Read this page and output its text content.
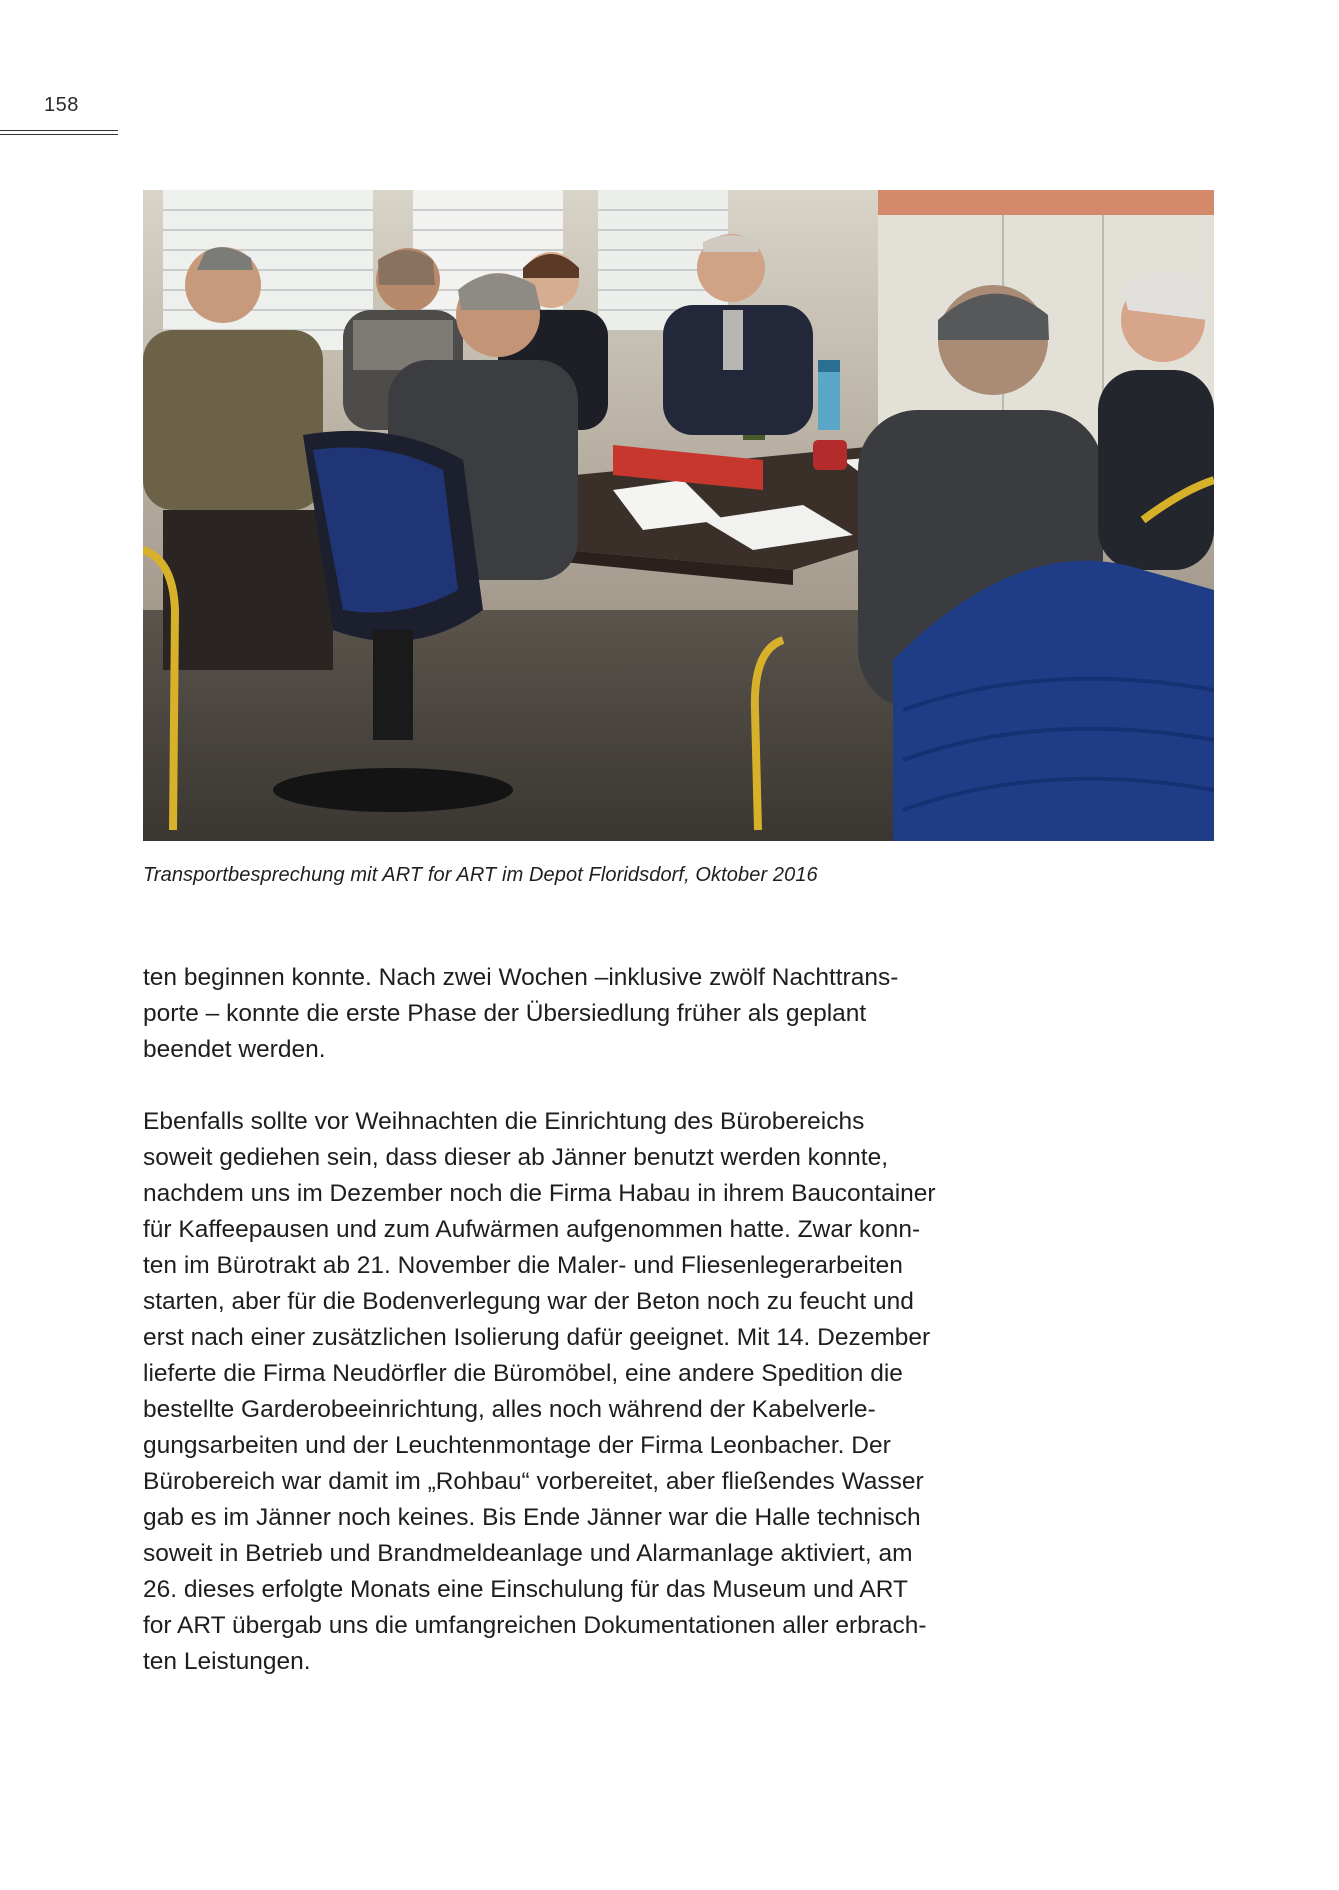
158
Transportbesprechung mit ART for ART im Depot Floridsdorf, Oktober 2016

ten beginnen konnte. Nach zwei Wochen –inklusive zwölf Nachttrans-
porte – konnte die erste Phase der Übersiedlung früher als geplant
beendet werden.

Ebenfalls sollte vor Weihnachten die Einrichtung des Bürobereichs
soweit gediehen sein, dass dieser ab Jänner benutzt werden konnte,
nachdem uns im Dezember noch die Firma Habau in ihrem Baucontainer
für Kaffeepausen und zum Aufwärmen aufgenommen hatte. Zwar konn-
ten im Bürotrakt ab 21. November die Maler- und Fliesenlegerarbeiten
starten, aber für die Bodenverlegung war der Beton noch zu feucht und
erst nach einer zusätzlichen Isolierung dafür geeignet. Mit 14. Dezember
lieferte die Firma Neudörfler die Büromöbel, eine andere Spedition die
bestellte Garderobeeinrichtung, alles noch während der Kabelverle-
gungsarbeiten und der Leuchtenmontage der Firma Leonbacher. Der
Bürobereich war damit im „Rohbau“ vorbereitet, aber fließendes Wasser
gab es im Jänner noch keines. Bis Ende Jänner war die Halle technisch
soweit in Betrieb und Brandmeldeanlage und Alarmanlage aktiviert, am
26. dieses erfolgte Monats eine Einschulung für das Museum und ART
for ART übergab uns die umfangreichen Dokumentationen aller erbrach-
ten Leistungen.
